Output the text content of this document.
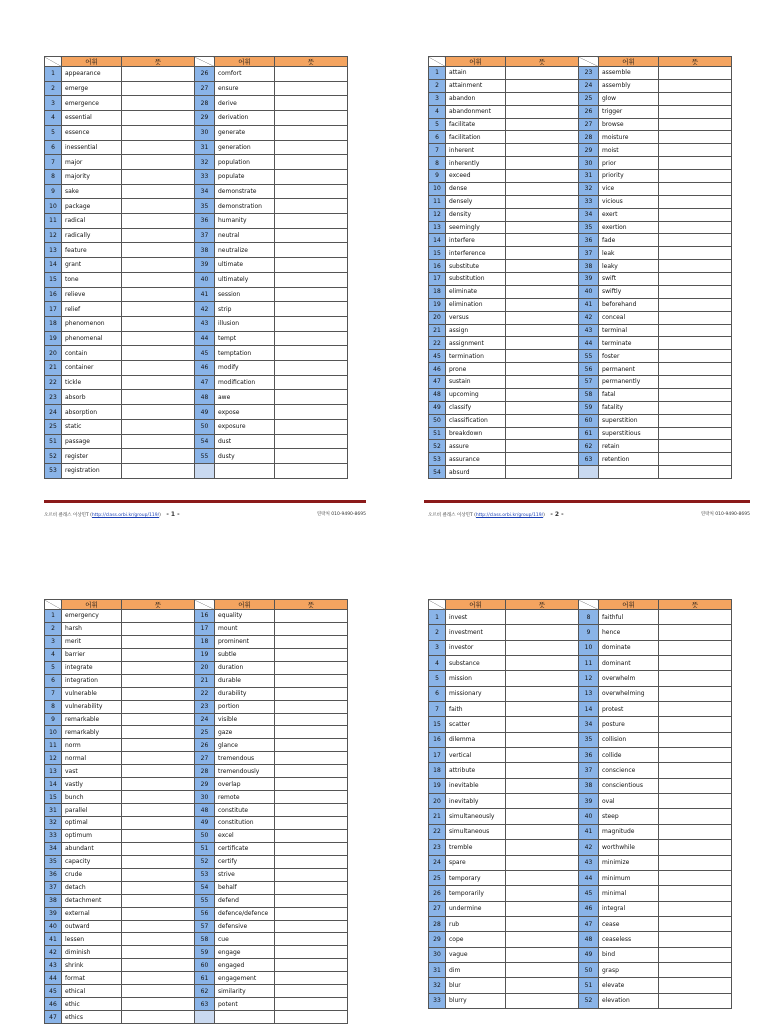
	어휘	뜻		어휘	뜻
1	appearance		26	comfort	
2	emerge		27	ensure	
3	emergence		28	derive	
4	essential		29	derivation	
5	essence		30	generate	
6	inessential		31	generation	
7	major		32	population	
8	majority		33	populate	
9	sake		34	demonstrate	
10	package		35	demonstration	
11	radical		36	humanity	
12	radically		37	neutral	
13	feature		38	neutralize	
14	grant		39	ultimate	
15	tone		40	ultimately	
16	relieve		41	session	
17	relief		42	strip	
18	phenomenon		43	illusion	
19	phenomenal		44	tempt	
20	contain		45	temptation	
21	container		46	modify	
22	tickle		47	modification	
23	absorb		48	awe	
24	absorption		49	expose	
25	static		50	exposure	
51	passage		54	dust	
52	register		55	dusty	
53	registration				
오르비 클래스 이상민T (http://class.orbi.kr/group/119/) - 1 -	연락처 010-9490-8695
	어휘	뜻		어휘	뜻
1	attain		23	assemble	
2	attainment		24	assembly	
3	abandon		25	glow	
4	abandonment		26	trigger	
5	facilitate		27	browse	
6	facilitation		28	moisture	
7	inherent		29	moist	
8	inherently		30	prior	
9	exceed		31	priority	
10	dense		32	vice	
11	densely		33	vicious	
12	density		34	exert	
13	seemingly		35	exertion	
14	interfere		36	fade	
15	interference		37	leak	
16	substitute		38	leaky	
17	substitution		39	swift	
18	eliminate		40	swiftly	
19	elimination		41	beforehand	
20	versus		42	conceal	
21	assign		43	terminal	
22	assignment		44	terminate	
45	termination		55	foster	
46	prone		56	permanent	
47	sustain		57	permanently	
48	upcoming		58	fatal	
49	classify		59	fatality	
50	classification		60	superstition	
51	breakdown		61	superstitious	
52	assure		62	retain	
53	assurance		63	retention	
54	absurd				
오르비 클래스 이상민T (http://class.orbi.kr/group/119/) - 2 -	연락처 010-9490-8695
	어휘	뜻		어휘	뜻
1	emergency		16	equality	
2	harsh		17	mount	
3	merit		18	prominent	
4	barrier		19	subtle	
5	integrate		20	duration	
6	integration		21	durable	
7	vulnerable		22	durability	
8	vulnerability		23	portion	
9	remarkable		24	visible	
10	remarkably		25	gaze	
11	norm		26	glance	
12	normal		27	tremendous	
13	vast		28	tremendously	
14	vastly		29	overlap	
15	bunch		30	remote	
31	parallel		48	constitute	
32	optimal		49	constitution	
33	optimum		50	excel	
34	abundant		51	certificate	
35	capacity		52	certify	
36	crude		53	strive	
37	detach		54	behalf	
38	detachment		55	defend	
39	external		56	defence/defence	
40	outward		57	defensive	
41	lessen		58	cue	
42	diminish		59	engage	
43	shrink		60	engaged	
44	format		61	engagement	
45	ethical		62	similarity	
46	ethic		63	potent	
47	ethics				
	어휘	뜻		어휘	뜻
1	invest		8	faithful	
2	investment		9	hence	
3	investor		10	dominate	
4	substance		11	dominant	
5	mission		12	overwhelm	
6	missionary		13	overwhelming	
7	faith		14	protest	
15	scatter		34	posture	
16	dilemma		35	collision	
17	vertical		36	collide	
18	attribute		37	conscience	
19	inevitable		38	conscientious	
20	inevitably		39	oval	
21	simultaneously		40	steep	
22	simultaneous		41	magnitude	
23	tremble		42	worthwhile	
24	spare		43	minimize	
25	temporary		44	minimum	
26	temporarily		45	minimal	
27	undermine		46	integral	
28	rub		47	cease	
29	cope		48	ceaseless	
30	vague		49	bind	
31	dim		50	grasp	
32	blur		51	elevate	
33	blurry		52	elevation	
